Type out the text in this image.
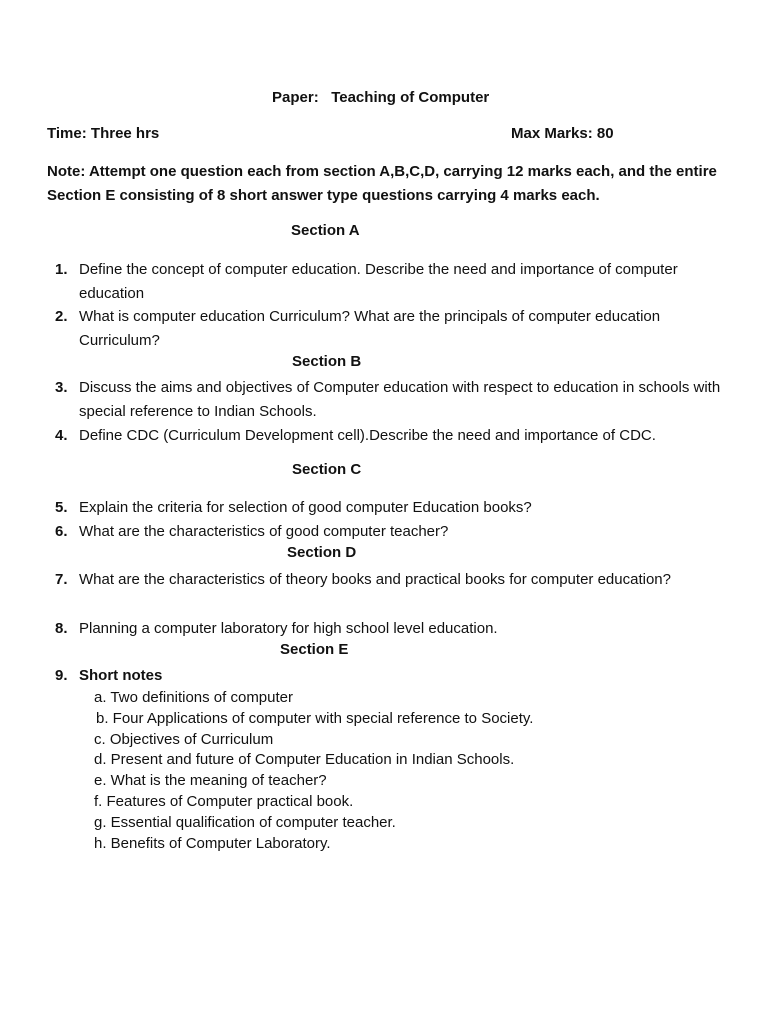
Paper: Teaching of Computer
Time: Three hrs	Max Marks: 80
Note: Attempt one question each from section A,B,C,D, carrying 12 marks each, and the entire Section E consisting of 8 short answer type questions carrying 4 marks each.
Section A
1. Define the concept of computer education. Describe the need and importance of computer education
2. What is computer education Curriculum? What are the principals of computer education Curriculum?
Section B
3. Discuss the aims and objectives of Computer education with respect to education in schools with special reference to Indian Schools.
4. Define CDC (Curriculum Development cell).Describe the need and importance of CDC.
Section C
5. Explain the criteria for selection of good computer Education books?
6. What are the characteristics of good computer teacher?
Section D
7. What are the characteristics of theory books and practical books for computer education?
8. Planning a computer laboratory for high school level education.
Section E
9. Short notes
a. Two definitions of computer
b. Four Applications of computer with special reference to Society.
c. Objectives of Curriculum
d. Present and future of Computer Education in Indian Schools.
e. What is the meaning of teacher?
f. Features of Computer practical book.
g. Essential qualification of computer teacher.
h. Benefits of Computer Laboratory.
